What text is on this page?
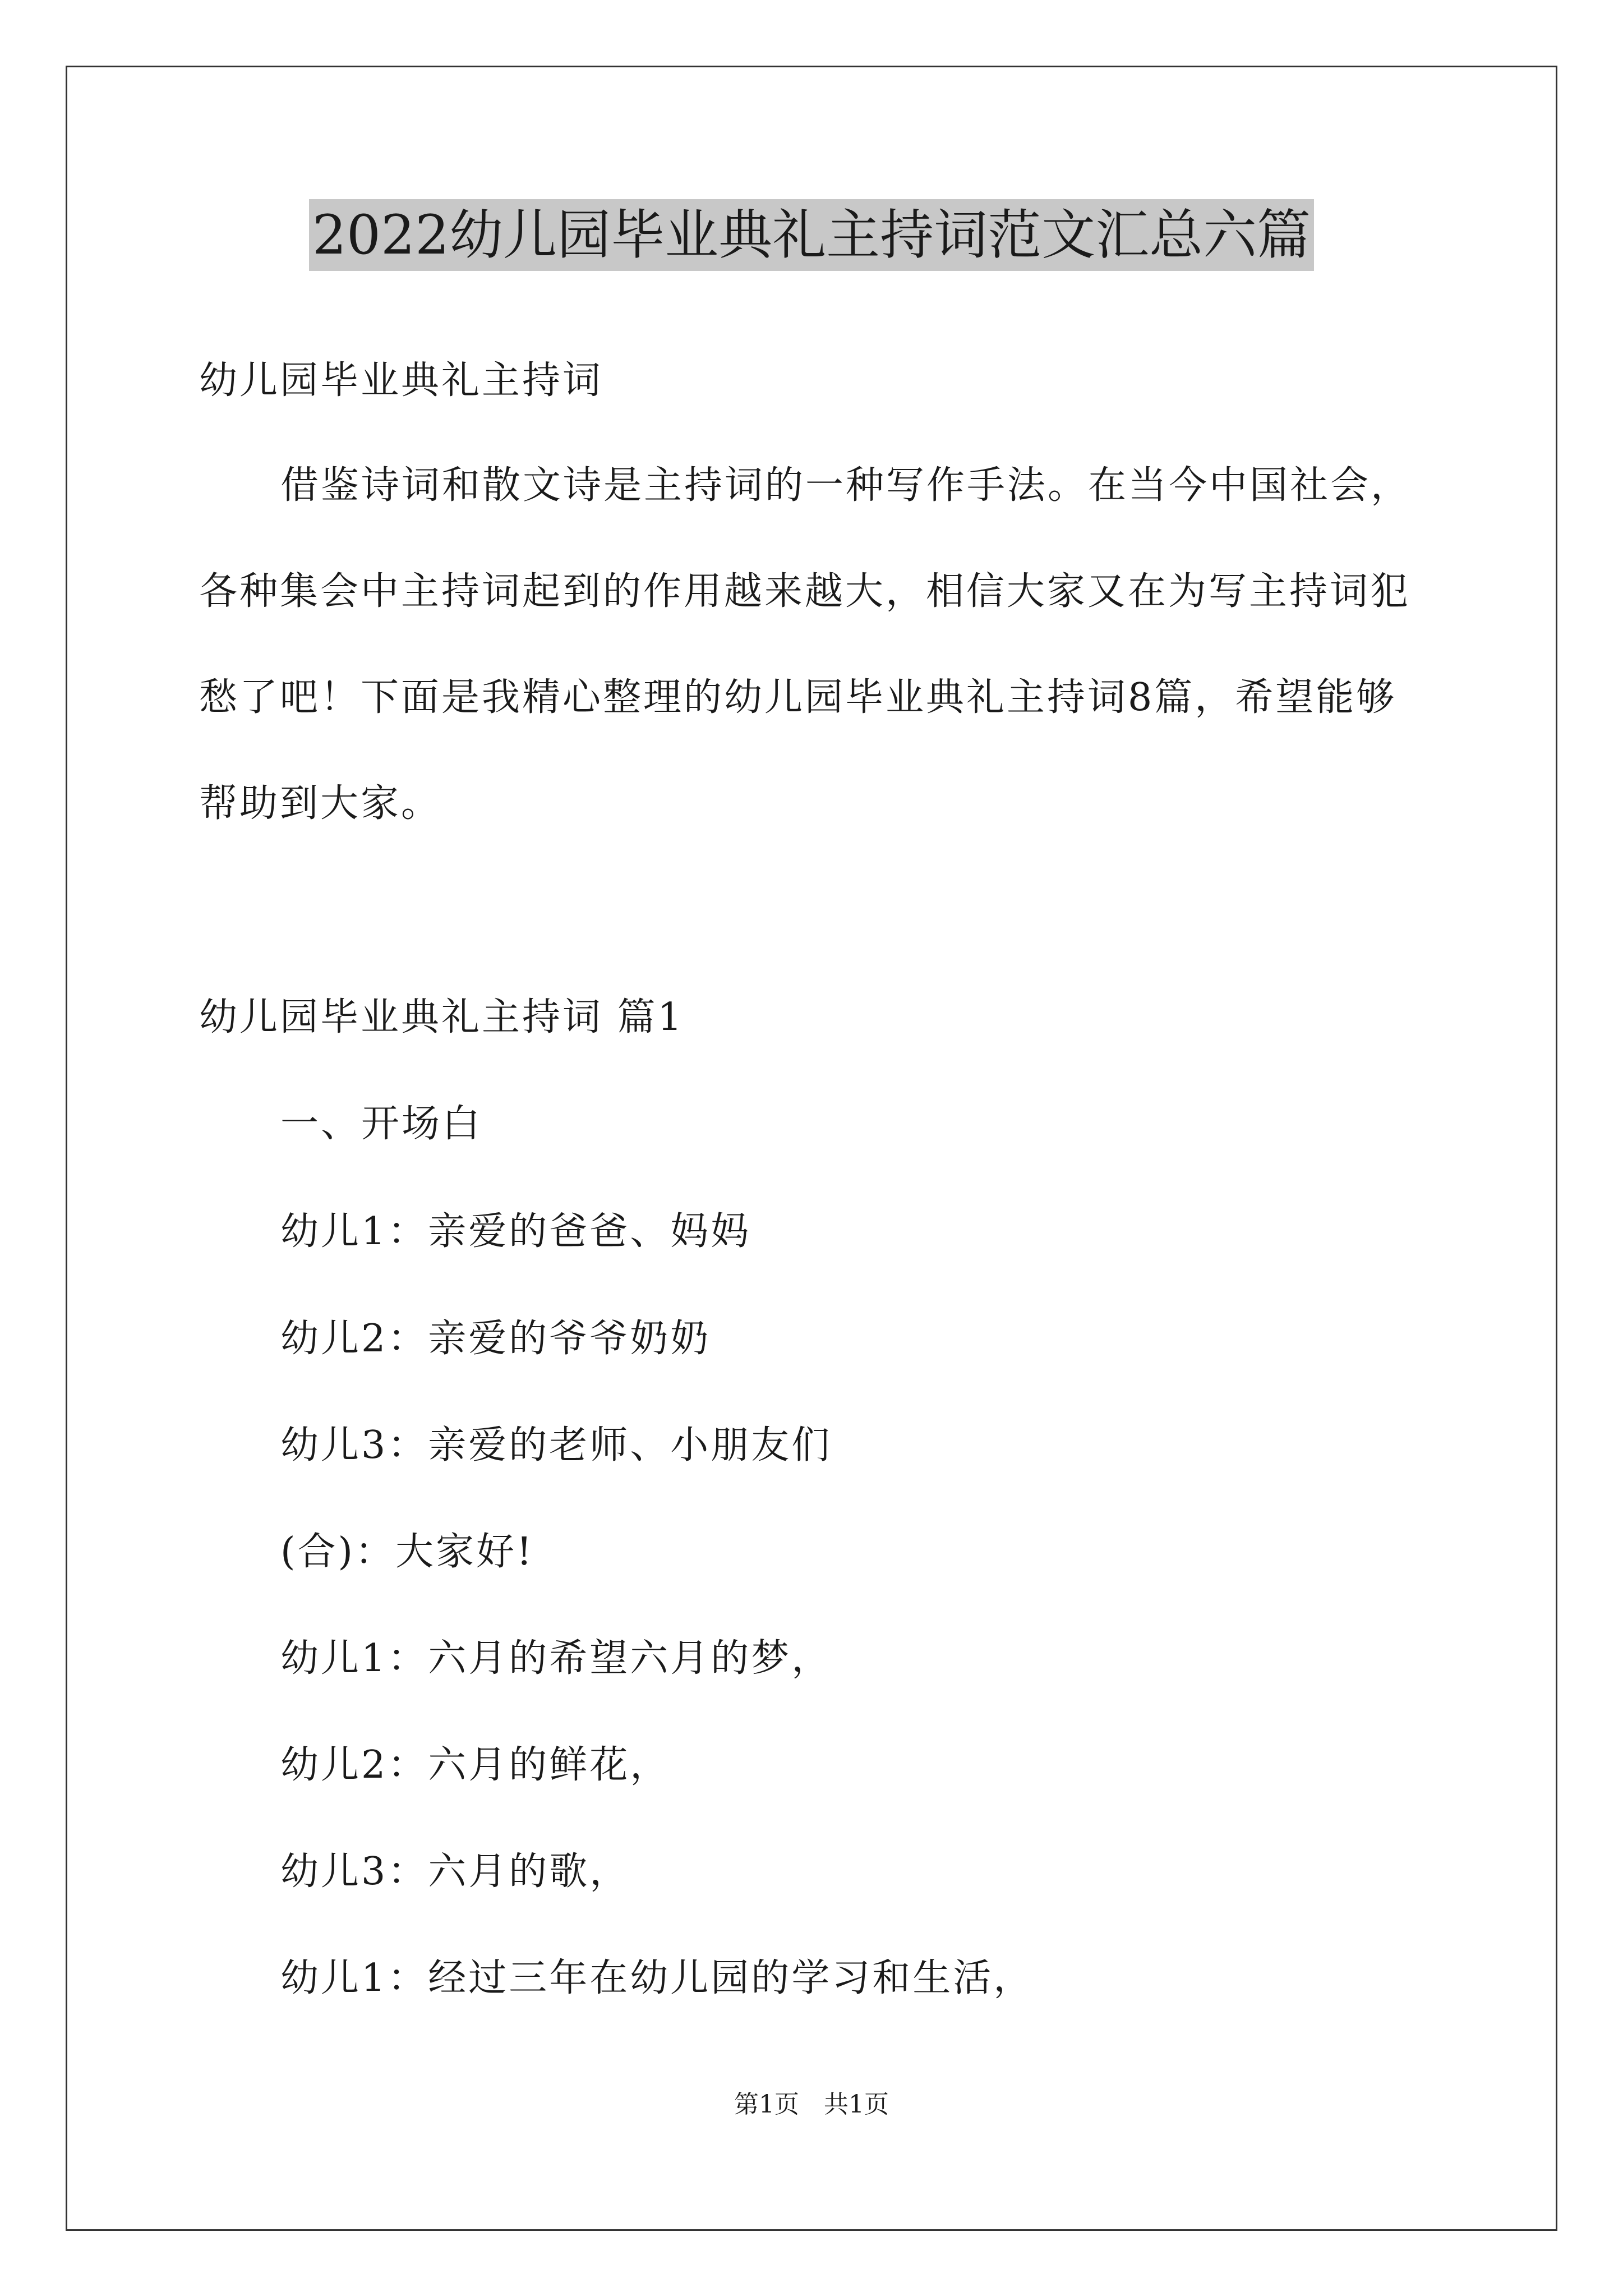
2022幼儿园毕业典礼主持词范文汇总六篇

幼儿园毕业典礼主持词

借鉴诗词和散文诗是主持词的一种写作手法。在当今中国社会，

各种集会中主持词起到的作用越来越大，相信大家又在为写主持词犯

愁了吧！下面是我精心整理的幼儿园毕业典礼主持词8篇，希望能够

帮助到大家。

幼儿园毕业典礼主持词 篇1

一、开场白

幼儿1：亲爱的爸爸、妈妈

幼儿2：亲爱的爷爷奶奶

幼儿3：亲爱的老师、小朋友们

(合)：大家好!

幼儿1：六月的希望六月的梦，

幼儿2：六月的鲜花，

幼儿3：六月的歌，

幼儿1：经过三年在幼儿园的学习和生活，

第1页 共1页
